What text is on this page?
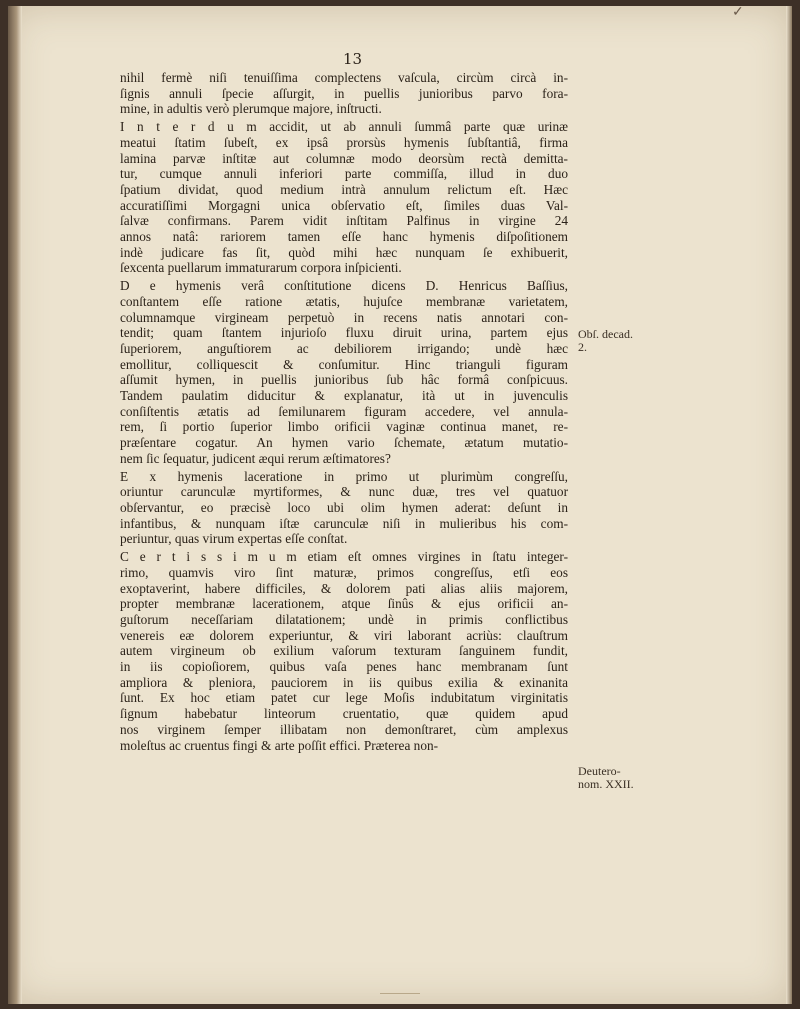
✓
13
nihil fermè niſi tenuiſſima complectens vaſcula, circùm circà in-
ſignis annuli ſpecie aſſurgit, in puellis junioribus parvo fora-
mine, in adultis verò plerumque majore, inſtructi.
I n t e r d u m accidit, ut ab annuli ſummâ parte quæ urinæ
meatui ſtatim ſubeſt, ex ipsâ prorsùs hymenis ſubſtantiâ, firma
lamina parvæ inſtitæ aut columnæ modo deorsùm rectà demitta-
tur, cumque annuli inferiori parte commiſſa, illud in duo
ſpatium dividat, quod medium intrà annulum relictum eſt. Hæc
accuratiſſimi Morgagni unica obſervatio eſt, ſimiles duas Val-
ſalvæ confirmans. Parem vidit inſtitam Palfinus in virgine 24
annos natâ: rariorem tamen eſſe hanc hymenis diſpoſitionem
indè judicare fas ſit, quòd mihi hæc nunquam ſe exhibuerit,
ſexcenta puellarum immaturarum corpora inſpicienti.
D e hymenis verâ conſtitutione dicens D. Henricus Baſſius,
conſtantem eſſe ratione ætatis, hujuſce membranæ varietatem,
columnamque virgineam perpetuò in recens natis annotari con-
tendit; quam ſtantem injurioſo fluxu diruit urina, partem ejus
ſuperiorem, anguſtiorem ac debiliorem irrigando; undè hæc
emollitur, colliquescit & conſumitur. Hinc trianguli figuram
aſſumit hymen, in puellis junioribus ſub hâc formâ conſpicuus.
Tandem paulatim diducitur & explanatur, ità ut in juvenculis
conſiſtentis ætatis ad ſemilunarem figuram accedere, vel annula-
rem, ſi portio ſuperior limbo orificii vaginæ continua manet, re-
præſentare cogatur. An hymen vario ſchemate, ætatum mutatio-
nem ſic ſequatur, judicent æqui rerum æſtimatores?
E x hymenis laceratione in primo ut plurimùm congreſſu,
oriuntur carunculæ myrtiformes, & nunc duæ, tres vel quatuor
obſervantur, eo præcisè loco ubi olim hymen aderat: deſunt in
infantibus, & nunquam iſtæ carunculæ niſi in mulieribus his com-
periuntur, quas virum expertas eſſe conſtat.
C e r t i s s i m u m etiam eſt omnes virgines in ſtatu integer-
rimo, quamvis viro ſint maturæ, primos congreſſus, etſi eos
exoptaverint, habere difficiles, & dolorem pati alias aliis majorem,
propter membranæ lacerationem, atque ſinûs & ejus orificii an-
guſtorum neceſſariam dilatationem; undè in primis conflictibus
venereis eæ dolorem experiuntur, & viri laborant acriùs: clauſtrum
autem virgineum ob exilium vaſorum texturam ſanguinem fundit,
in iis copioſiorem, quibus vaſa penes hanc membranam ſunt
ampliora & pleniora, pauciorem in iis quibus exilia & exinanita
ſunt. Ex hoc etiam patet cur lege Moſis indubitatum virginitatis
ſignum habebatur linteorum cruentatio, quæ quidem apud
nos virginem ſemper illibatam non demonſtraret, cùm amplexus
moleſtus ac cruentus fingi & arte poſſit effici. Præterea non-
Obſ. decad.
2.
Deutero-
nom. XXII.
